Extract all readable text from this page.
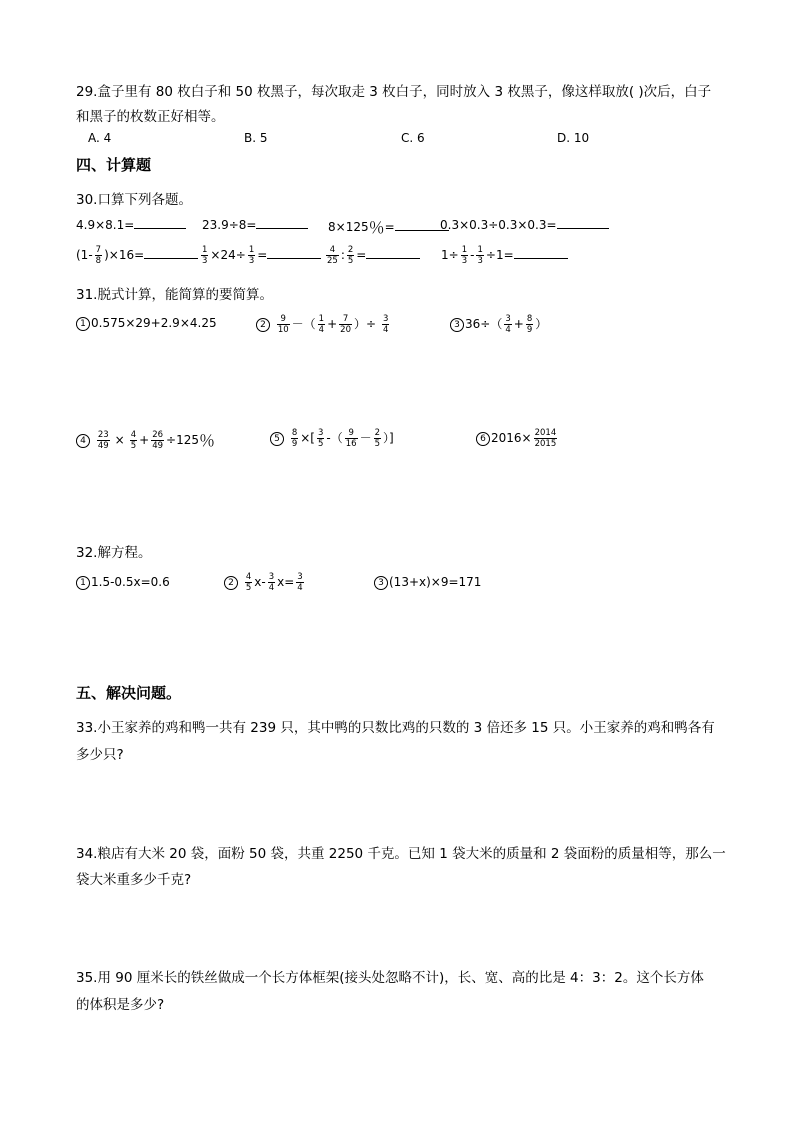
29.盒子里有 80 枚白子和 50 枚黑子，每次取走 3 枚白子，同时放入 3 枚黑子，像这样取放( )次后，白子
和黑子的枚数正好相等。
A. 4	B. 5	C. 6	D. 10
四、计算题
30.口算下列各题。
4.9×8.1=	23.9÷8=	8×125％=	0.3×0.3÷0.3×0.3=
$(1- \frac{7}{8} )\times 16=$	$\frac{1}{3} \times 24\div \frac{1}{3}$ =	$\frac{4}{25}$ : $\frac{2}{5}$ =	$1\div \frac{1}{3} - \frac{1}{3} \div 1=$
31.脱式计算，能简算的要简算。
1 0.575×29+2.9×4.25	$2 \frac{9}{10}$ －（ $\frac{1}{4} + \frac{7}{20}$ ）÷ $\frac{3}{4}$	3 $36\div( \frac{3}{4} + \frac{8}{9}$ ）
$4 \frac{23}{49} \times \frac{4}{5} + \frac{26}{49} \div 125$％	$5 \frac{8}{9}$ ×[ $\frac{3}{5}$ -（ $\frac{9}{16} - \frac{2}{5}$ ）]	6 $2016\times \frac{2014}{2015}$
32.解方程。
1 1.5-0.5x=0.6	$2 \frac{4}{5} x- \frac{3}{4} x= \frac{3}{4}$	3 (13+x)×9=171
五、解决问题。
33.小王家养的鸡和鸭一共有 239 只，其中鸭的只数比鸡的只数的 3 倍还多 15 只。小王家养的鸡和鸭各有
多少只?
34.粮店有大米 20 袋，面粉 50 袋，共重 2250 千克。已知 1 袋大米的质量和 2 袋面粉的质量相等，那么一
袋大米重多少千克?
35.用 90 厘米长的铁丝做成一个长方体框架(接头处忽略不计)，长、宽、高的比是 4：3：2。这个长方体
的体积是多少?
